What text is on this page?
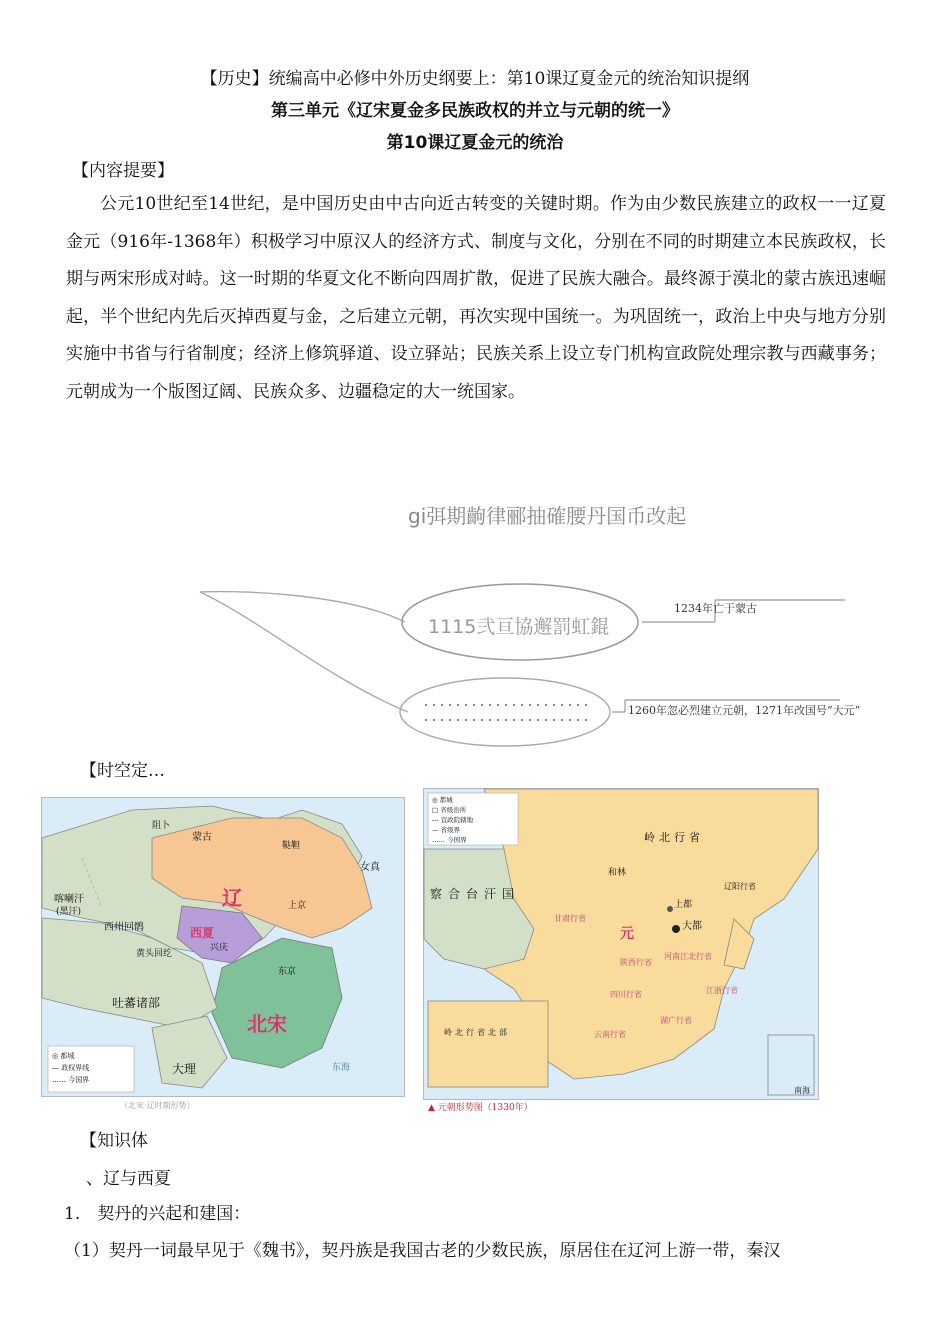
【历史】统编高中必修中外历史纲要上：第10课辽夏金元的统治知识提纲
第三单元《辽宋夏金多民族政权的并立与元朝的统一》
第10课辽夏金元的统治
【内容提要】
公元10世纪至14世纪，是中国历史由中古向近古转变的关键时期。作为由少数民族建立的政权一一辽夏金元（916年-1368年）积极学习中原汉人的经济方式、制度与文化，分别在不同的时期建立本民族政权，长期与两宋形成对峙。这一时期的华夏文化不断向四周扩散，促进了民族大融合。最终源于漠北的蒙古族迅速崛起，半个世纪内先后灭掉西夏与金，之后建立元朝，再次实现中国统一。为巩固统一，政治上中央与地方分别实施中书省与行省制度；经济上修筑驿道、设立驿站；民族关系上设立专门机构宣政院处理宗教与西藏事务；元朝成为一个版图辽阔、民族众多、边疆稳定的大一统国家。
gi弭期齣律郦抽確腰丹国币改起
1115弐亘協邂罰虹錕
1234年亡于蒙古
1260年忽必烈建立元朝，1271年改国号“大元”
【时空定…
辽
西夏
北宋
吐蕃诸部
大理
西州回鹘
黄头回纥
喀喇汗
(黑汗)
蒙古
女真
东京
上京
兴庆
鞑靼
阻卜
◎ 都城
— 政权界线
…… 今国界
东海
（北宋·辽时期形势）
元
岭北行省
察合台汗国
大都
上都
和林
辽阳行省
甘肃行省
陕西行省
河南江北行省
江浙行省
湖广行省
云南行省
四川行省
◎ 都城
□ 省级治所
--- 宣政院辖地
— 省级界
…… 今国界
岭北行省北部
南海
▲ 元朝形势图（1330年）
【知识体
、辽与西夏
1.　契丹的兴起和建国：
（1）契丹一词最早见于《魏书》，契丹族是我国古老的少数民族，原居住在辽河上游一带，秦汉
